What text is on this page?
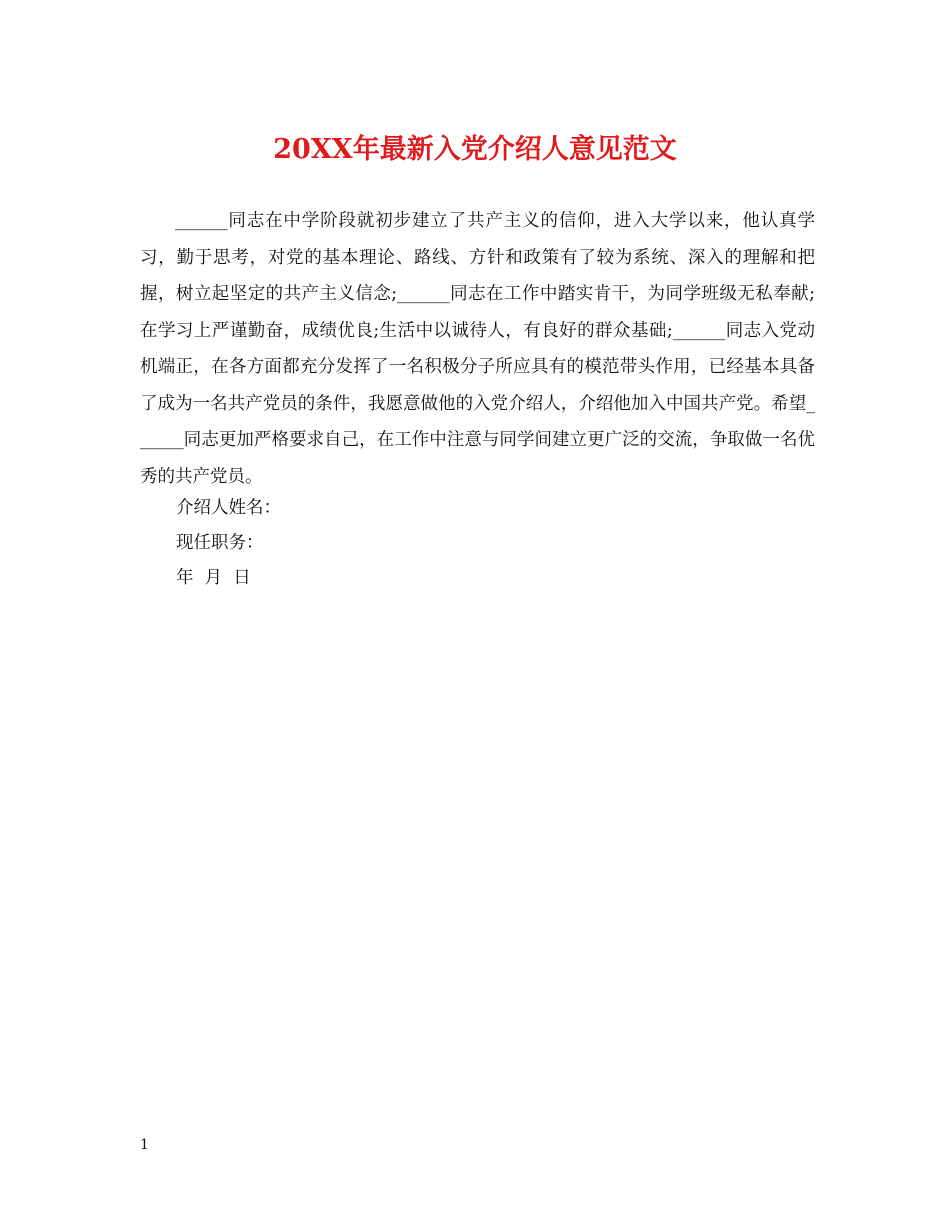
20XX年最新入党介绍人意见范文

______同志在中学阶段就初步建立了共产主义的信仰，进入大学以来，他认真学习，勤于思考，对党的基本理论、路线、方针和政策有了较为系统、深入的理解和把握，树立起坚定的共产主义信念;______同志在工作中踏实肯干，为同学班级无私奉献;在学习上严谨勤奋，成绩优良;生活中以诚待人，有良好的群众基础;______同志入党动机端正，在各方面都充分发挥了一名积极分子所应具有的模范带头作用，已经基本具备了成为一名共产党员的条件，我愿意做他的入党介绍人，介绍他加入中国共产党。希望______同志更加严格要求自己，在工作中注意与同学间建立更广泛的交流，争取做一名优秀的共产党员。

介绍人姓名：
现任职务：
年  月  日
1
